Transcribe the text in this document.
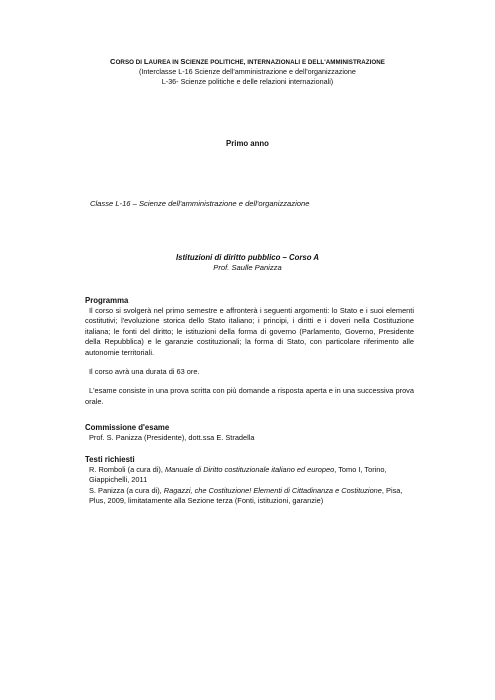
CORSO DI LAUREA IN SCIENZE POLITICHE, INTERNAZIONALI E DELL'AMMINISTRAZIONE
(Interclasse L-16 Scienze dell'amministrazione e dell'organizzazione
L-36- Scienze politiche e delle relazioni internazionali)
Primo anno
Classe L-16 – Scienze dell'amministrazione e dell'organizzazione
Istituzioni di diritto pubblico – Corso A
Prof. Saulle Panizza
Programma
Il corso si svolgerà nel primo semestre e affronterà i seguenti argomenti: lo Stato e i suoi elementi costitutivi; l'evoluzione storica dello Stato italiano; i principi, i diritti e i doveri nella Costituzione italiana; le fonti del diritto; le istituzioni della forma di governo (Parlamento, Governo, Presidente della Repubblica) e le garanzie costituzionali; la forma di Stato, con particolare riferimento alle autonomie territoriali.
Il corso avrà una durata di 63 ore.
L'esame consiste in una prova scritta con più domande a risposta aperta e in una successiva prova orale.
Commissione d'esame
Prof. S. Panizza (Presidente), dott.ssa E. Stradella
Testi richiesti
R. Romboli (a cura di), Manuale di Diritto costituzionale italiano ed europeo, Tomo I, Torino, Giappichelli, 2011
S. Panizza (a cura di), Ragazzi, che Costituzione! Elementi di Cittadinanza e Costituzione, Pisa, Plus, 2009, limitatamente alla Sezione terza (Fonti, istituzioni, garanzie)
